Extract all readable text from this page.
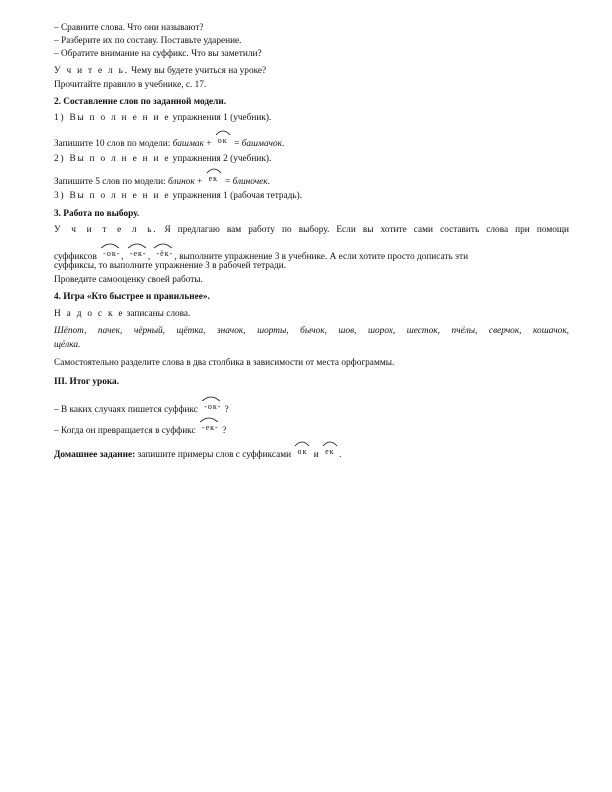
– Сравните слова. Что они называют?
– Разберите их по составу. Поставьте ударение.
– Обратите внимание на суффикс. Что вы заметили?
У ч и т е л ь. Чему вы будете учиться на уроке?
Прочитайте правило в учебнике, с. 17.
2. Составление слов по заданной модели.
1) Вы п о л н е н и е упражнения 1 (учебник).
Запишите 10 слов по модели: башмак + ок = башмачок.
2) Вы п о л н е н и е упражнения 2 (учебник).
Запишите 5 слов по модели: блинок + ек = блиночек.
3) Вы п о л н е н и е упражнения 1 (рабочая тетрадь).
3. Работа по выбору.
У ч и т е л ь. Я предлагаю вам работу по выбору. Если вы хотите сами составить слова при помощи
суффиксов -ок- , -ек- , -ёк- , выполните упражнение 3 в учебнике. А если хотите просто дописать эти
суффиксы, то выполните упражнение 3 в рабочей тетради.
Проведите самооценку своей работы.
4. Игра «Кто быстрее и правильнее».
Н а д о с к е записаны слова.
Шёпот, пачек, чёрный, щётка, значок, шорты, бычок, шов, шорох, шесток, пчёлы, сверчок, кошачок,
щёлка.
Самостоятельно разделите слова в два столбика в зависимости от места орфограммы.
III. Итог урока.
– В каких случаях пишется суффикс -ок- ?
– Когда он превращается в суффикс -ек- ?
Домашнее задание: запишите примеры слов с суффиксами ок и ек .
